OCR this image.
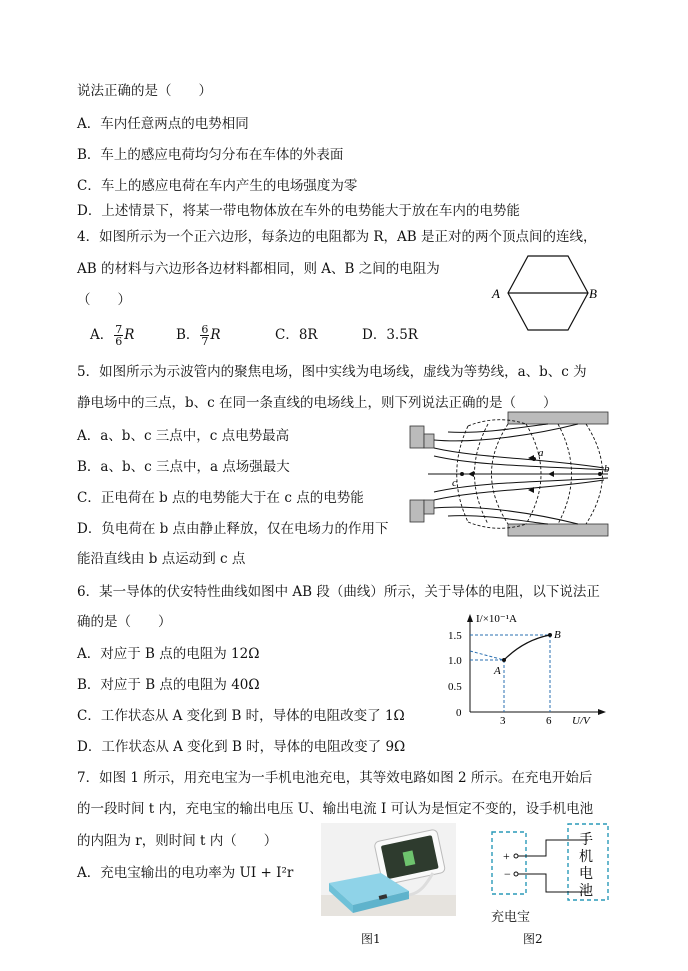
说法正确的是（　　）
A．车内任意两点的电势相同
B．车上的感应电荷均匀分布在车体的外表面
C．车上的感应电荷在车内产生的电场强度为零
D．上述情景下，将某一带电物体放在车外的电势能大于放在车内的电势能
4．如图所示为一个正六边形，每条边的电阻都为 R，AB 是正对的两个顶点间的连线，
AB 的材料与六边形各边材料都相同，则 A、B 之间的电阻为
（　　）
A． $\frac{7}{6}$ R	B． $\frac{6}{7}$ R	C．8R	D．3.5R
A	B
5．如图所示为示波管内的聚焦电场，图中实线为电场线，虚线为等势线，a、b、c 为
静电场中的三点，b、c 在同一条直线的电场线上，则下列说法正确的是（　　）
A．a、b、c 三点中，c 点电势最高
B．a、b、c 三点中，a 点场强最大
C．正电荷在 b 点的电势能大于在 c 点的电势能
D．负电荷在 b 点由静止释放，仅在电场力的作用下
能沿直线由 b 点运动到 c 点
a
b
c
6．某一导体的伏安特性曲线如图中 AB 段（曲线）所示，关于导体的电阻，以下说法正
确的是（　　）
A．对应于 B 点的电阻为 12Ω
B．对应于 B 点的电阻为 40Ω
C．工作状态从 A 变化到 B 时，导体的电阻改变了 1Ω
D．工作状态从 A 变化到 B 时，导体的电阻改变了 9Ω
I/×10⁻¹A
U/V
1.5
1.0
0.5
0
3	6
A
B
7．如图 1 所示，用充电宝为一手机电池充电，其等效电路如图 2 所示。在充电开始后
的一段时间 t 内，充电宝的输出电压 U、输出电流 I 可认为是恒定不变的，设手机电池
的内阻为 r，则时间 t 内（　　）
A．充电宝输出的电功率为 UI + I²r
图1
+
−
手
机
电
池
充电宝
图2
